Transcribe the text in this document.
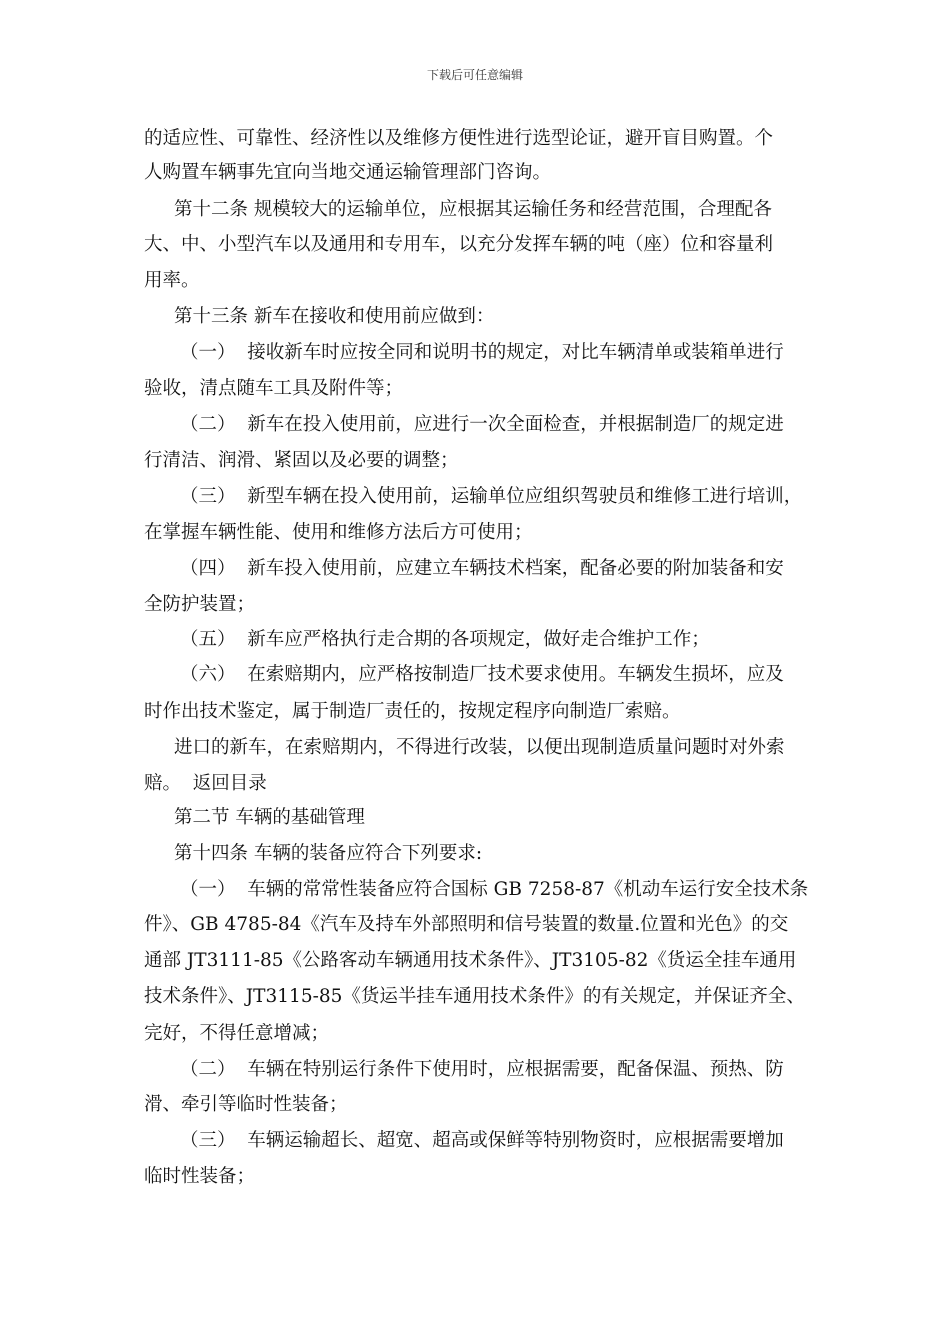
下载后可任意编辑
的适应性、可靠性、经济性以及维修方便性进行选型论证，避开盲目购置。个
人购置车辆事先宜向当地交通运输管理部门咨询。
第十二条 规模较大的运输单位，应根据其运输任务和经营范围，合理配各
大、中、小型汽车以及通用和专用车，以充分发挥车辆的吨（座）位和容量利
用率。
第十三条 新车在接收和使用前应做到：
（一）  接收新车时应按全同和说明书的规定，对比车辆清单或装箱单进行
验收，清点随车工具及附件等；
（二）  新车在投入使用前，应进行一次全面检查，并根据制造厂的规定进
行清洁、润滑、紧固以及必要的调整；
（三）  新型车辆在投入使用前，运输单位应组织驾驶员和维修工进行培训，
在掌握车辆性能、使用和维修方法后方可使用；
（四）  新车投入使用前，应建立车辆技术档案，配备必要的附加装备和安
全防护装置；
（五）  新车应严格执行走合期的各项规定，做好走合维护工作；
（六）  在索赔期内，应严格按制造厂技术要求使用。车辆发生损坏，应及
时作出技术鉴定，属于制造厂责任的，按规定程序向制造厂索赔。
进口的新车，在索赔期内，不得进行改装，以便出现制造质量问题时对外索
赔。  返回目录
第二节 车辆的基础管理
第十四条 车辆的装备应符合下列要求:
（一）  车辆的常常性装备应符合国标 GB 7258-87《机动车运行安全技术条
件》、GB 4785-84《汽车及持车外部照明和信号装置的数量.位置和光色》的交
通部 JT3111-85《公路客动车辆通用技术条件》、JT3105-82《货运全挂车通用
技术条件》、JT3115-85《货运半挂车通用技术条件》的有关规定，并保证齐全、
完好，不得任意增减；
（二）  车辆在特别运行条件下使用时，应根据需要，配备保温、预热、防
滑、牵引等临时性装备；
（三）  车辆运输超长、超宽、超高或保鲜等特别物资时，应根据需要增加
临时性装备；
